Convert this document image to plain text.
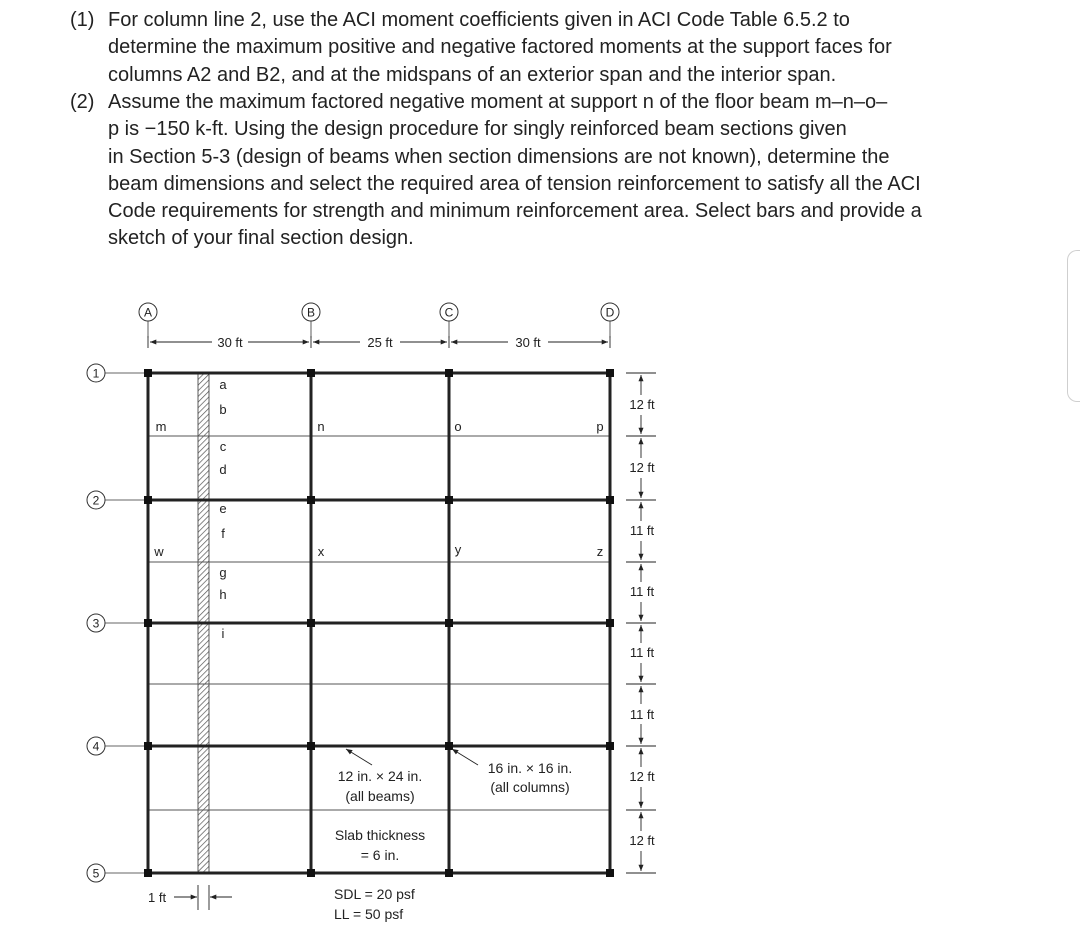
(1) For column line 2, use the ACI moment coefficients given in ACI Code Table 6.5.2 to
determine the maximum positive and negative factored moments at the support faces for
columns A2 and B2, and at the midspans of an exterior span and the interior span.
(2) Assume the maximum factored negative moment at support n of the floor beam m–n–o–
p is −150 k-ft. Using the design procedure for singly reinforced beam sections given
in Section 5-3 (design of beams when section dimensions are not known), determine the
beam dimensions and select the required area of tension reinforcement to satisfy all the ACI
Code requirements for strength and minimum reinforcement area. Select bars and provide a
sketch of your final section design.
A	B	C	D
30 ft	25 ft	30 ft
1
2
3
4
5
a
b
c
d
e
f
g
h
i
m	n	o	p
w	x	y	z
12 in. × 24 in.
(all beams)
16 in. × 16 in.
(all columns)
Slab thickness
= 6 in.
SDL = 20 psf
LL = 50 psf
1 ft
12 ft
12 ft
11 ft
11 ft
11 ft
11 ft
12 ft
12 ft
